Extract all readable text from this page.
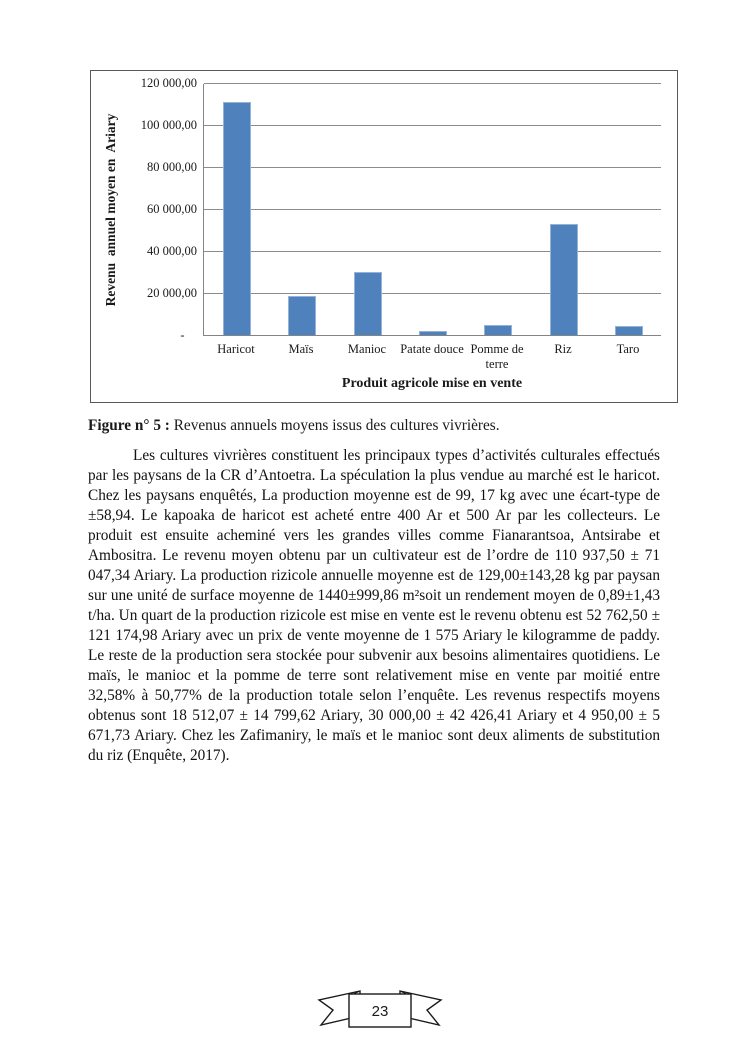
Revenu  annuel moyen en  Ariary
-
20 000,00
40 000,00
60 000,00
80 000,00
100 000,00
120 000,00
Haricot	Maïs	Manioc	Patate douce Pomme de terre
Riz	Taro
Produit agricole mise en vente

Figure n° 5 : Revenus annuels moyens issus des cultures vivrières.

Les cultures vivrières constituent les principaux types d’activités culturales effectués par les paysans de la CR d’Antoetra. La spéculation la plus vendue au marché est le haricot. Chez les paysans enquêtés, La production moyenne est de 99, 17 kg avec une écart-type de ±58,94. Le kapoaka de haricot est acheté entre 400 Ar et 500 Ar par les collecteurs. Le produit est ensuite acheminé vers les grandes villes comme Fianarantsoa, Antsirabe et Ambositra. Le revenu moyen obtenu par un cultivateur est de l’ordre de 110 937,50 ± 71 047,34 Ariary. La production rizicole annuelle moyenne est de 129,00±143,28 kg par paysan sur une unité de surface moyenne de 1440±999,86 m²soit un rendement moyen de 0,89±1,43 t/ha. Un quart de la production rizicole est mise en vente est le revenu obtenu est 52 762,50 ± 121 174,98 Ariary avec un prix de vente moyenne de 1 575 Ariary le kilogramme de paddy. Le reste de la production sera stockée pour subvenir aux besoins alimentaires quotidiens. Le maïs, le manioc et la pomme de terre sont relativement mise en vente par moitié entre 32,58% à 50,77% de la production totale selon l’enquête. Les revenus respectifs moyens obtenus sont 18 512,07 ± 14 799,62 Ariary, 30 000,00 ± 42 426,41 Ariary et 4 950,00 ± 5 671,73 Ariary. Chez les Zafimaniry, le maïs et le manioc sont deux aliments de substitution du riz (Enquête, 2017).

23
